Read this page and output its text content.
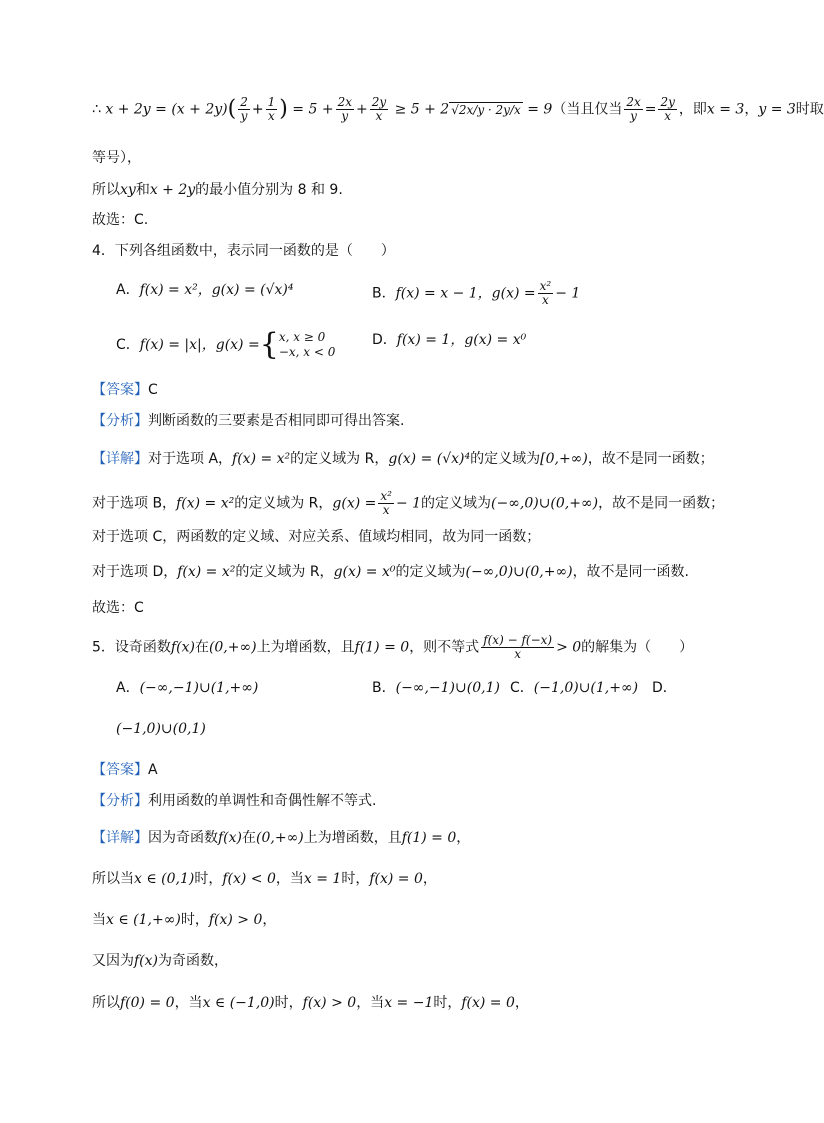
∴ $x + 2y = (x + 2y)( \frac{2}{y} + \frac{1}{x}$ ) = $5 + \frac{2x}{y} + \frac{2y}{x} \ge 5 + 2$ √2x/y · 2y/x = 9（当且仅当 $\frac{2x}{y} = \frac{2y}{x}$ ，即x = 3，y = 3时取
等号），
所以xy和x + 2y的最小值分别为 8 和 9.
故选：C.
4．下列各组函数中，表示同一函数的是（　　）
A．f(x) = x²，g(x) = (√x)⁴	B．f(x) = x − 1，$g(x) = \frac{\text{x²}}{x} - 1$
C．f(x) = |x|，g(x) ={ x, x ≥ 0
−x, x < 0
D．f(x) = 1，g(x) = x⁰
【答案】C
【分析】判断函数的三要素是否相同即可得出答案.
【详解】对于选项 A，f(x) = x²的定义域为 R，g(x) = (√x)⁴的定义域为[0,+∞)，故不是同一函数；
对于选项 B，f(x) = x²的定义域为 R，$g(x) = \frac{\text{x²}}{x} - 1$的定义域为(−∞,0)∪(0,+∞)，故不是同一函数；
对于选项 C，两函数的定义域、对应关系、值域均相同，故为同一函数；
对于选项 D，f(x) = x²的定义域为 R，g(x) = x⁰的定义域为(−∞,0)∪(0,+∞)，故不是同一函数.
故选：C
5．设奇函数f(x)在(0,+∞)上为增函数，且f(1) = 0，则不等式 $\frac{f(x) - f(-x)}{x} > 0$的解集为（　　）
A．(−∞,−1)∪(1,+∞)	B．(−∞,−1)∪(0,1) C．(−1,0)∪(1,+∞) D．
(−1,0)∪(0,1)
【答案】A
【分析】利用函数的单调性和奇偶性解不等式.
【详解】因为奇函数f(x)在(0,+∞)上为增函数，且f(1) = 0，
所以当x ∈ (0,1)时，f(x) < 0，当x = 1时，f(x) = 0，
当x ∈ (1,+∞)时，f(x) > 0，
又因为f(x)为奇函数，
所以f(0) = 0，当x ∈ (−1,0)时，f(x) > 0，当x = −1时，f(x) = 0，
